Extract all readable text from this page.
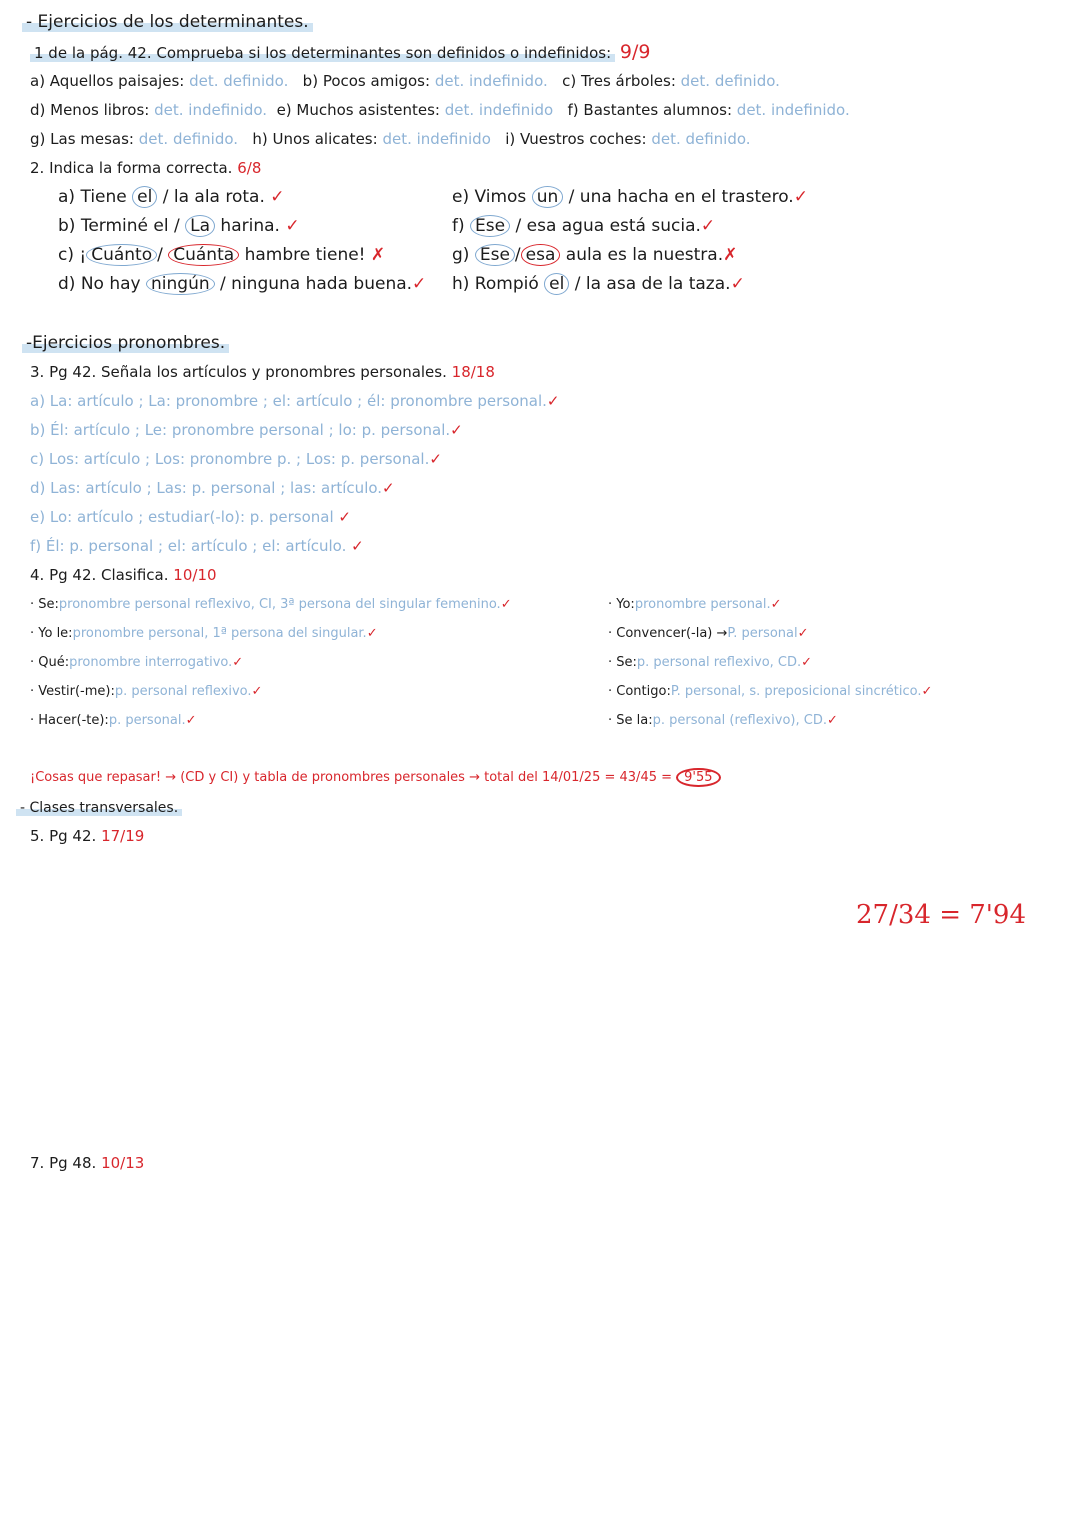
- Ejercicios de los determinantes.
1 de la pág. 42. Comprueba si los determinantes son definidos o indefinidos: 9/9
a) Aquellos paisajes: det. definido. b) Pocos amigos: det. indefinido. c) Tres árboles: det. definido.
d) Menos libros: det. indefinido. e) Muchos asistentes: det. indefinido f) Bastantes alumnos: det. indefinido.
g) Las mesas: det. definido. h) Unos alicates: det. indefinido i) Vuestros coches: det. definido.
2. Indica la forma correcta. 6/8
a) Tiene el / la ala rota. ✓
b) Terminé el / La harina. ✓
c) ¡ Cuánto / Cuánta hambre tiene! ✗
d) No hay ningún / ninguna hada buena.✓
e) Vimos un / una hacha en el trastero.✓
f) Ese / esa agua está sucia.✓
g) Ese / esa aula es la nuestra.✗
h) Rompió el / la asa de la taza.✓
-Ejercicios pronombres.
3. Pg 42. Señala los artículos y pronombres personales. 18/18
a) La: artículo ; La: pronombre ; el: artículo ; él: pronombre personal.✓
b) Él: artículo ; Le: pronombre personal ; lo: p. personal.✓
c) Los: artículo ; Los: pronombre p. ; Los: p. personal.✓
d) Las: artículo ; Las: p. personal ; las: artículo.✓
e) Lo: artículo ; estudiar(-lo): p. personal ✓
f) Él: p. personal ; el: artículo ; el: artículo. ✓
4. Pg 42. Clasifica. 10/10
· Se:pronombre personal reflexivo, CI, 3ª persona del singular femenino.✓
· Yo le:pronombre personal, 1ª persona del singular.✓
· Qué:pronombre interrogativo.✓
· Vestir(-me):p. personal reflexivo.✓
· Hacer(-te):p. personal.✓
· Yo:pronombre personal.✓
· Convencer(-la) →P. personal✓
· Se:p. personal reflexivo, CD.✓
· Contigo:P. personal, s. preposicional sincrético.✓
· Se la:p. personal (reflexivo), CD.✓
¡Cosas que repasar! → (CD y CI) y tabla de pronombres personales → total del 14/01/25 = 43/45 = 9'55
- Clases transversales.
5. Pg 42. 17/19
27/34 = 7'94
7. Pg 48. 10/13
